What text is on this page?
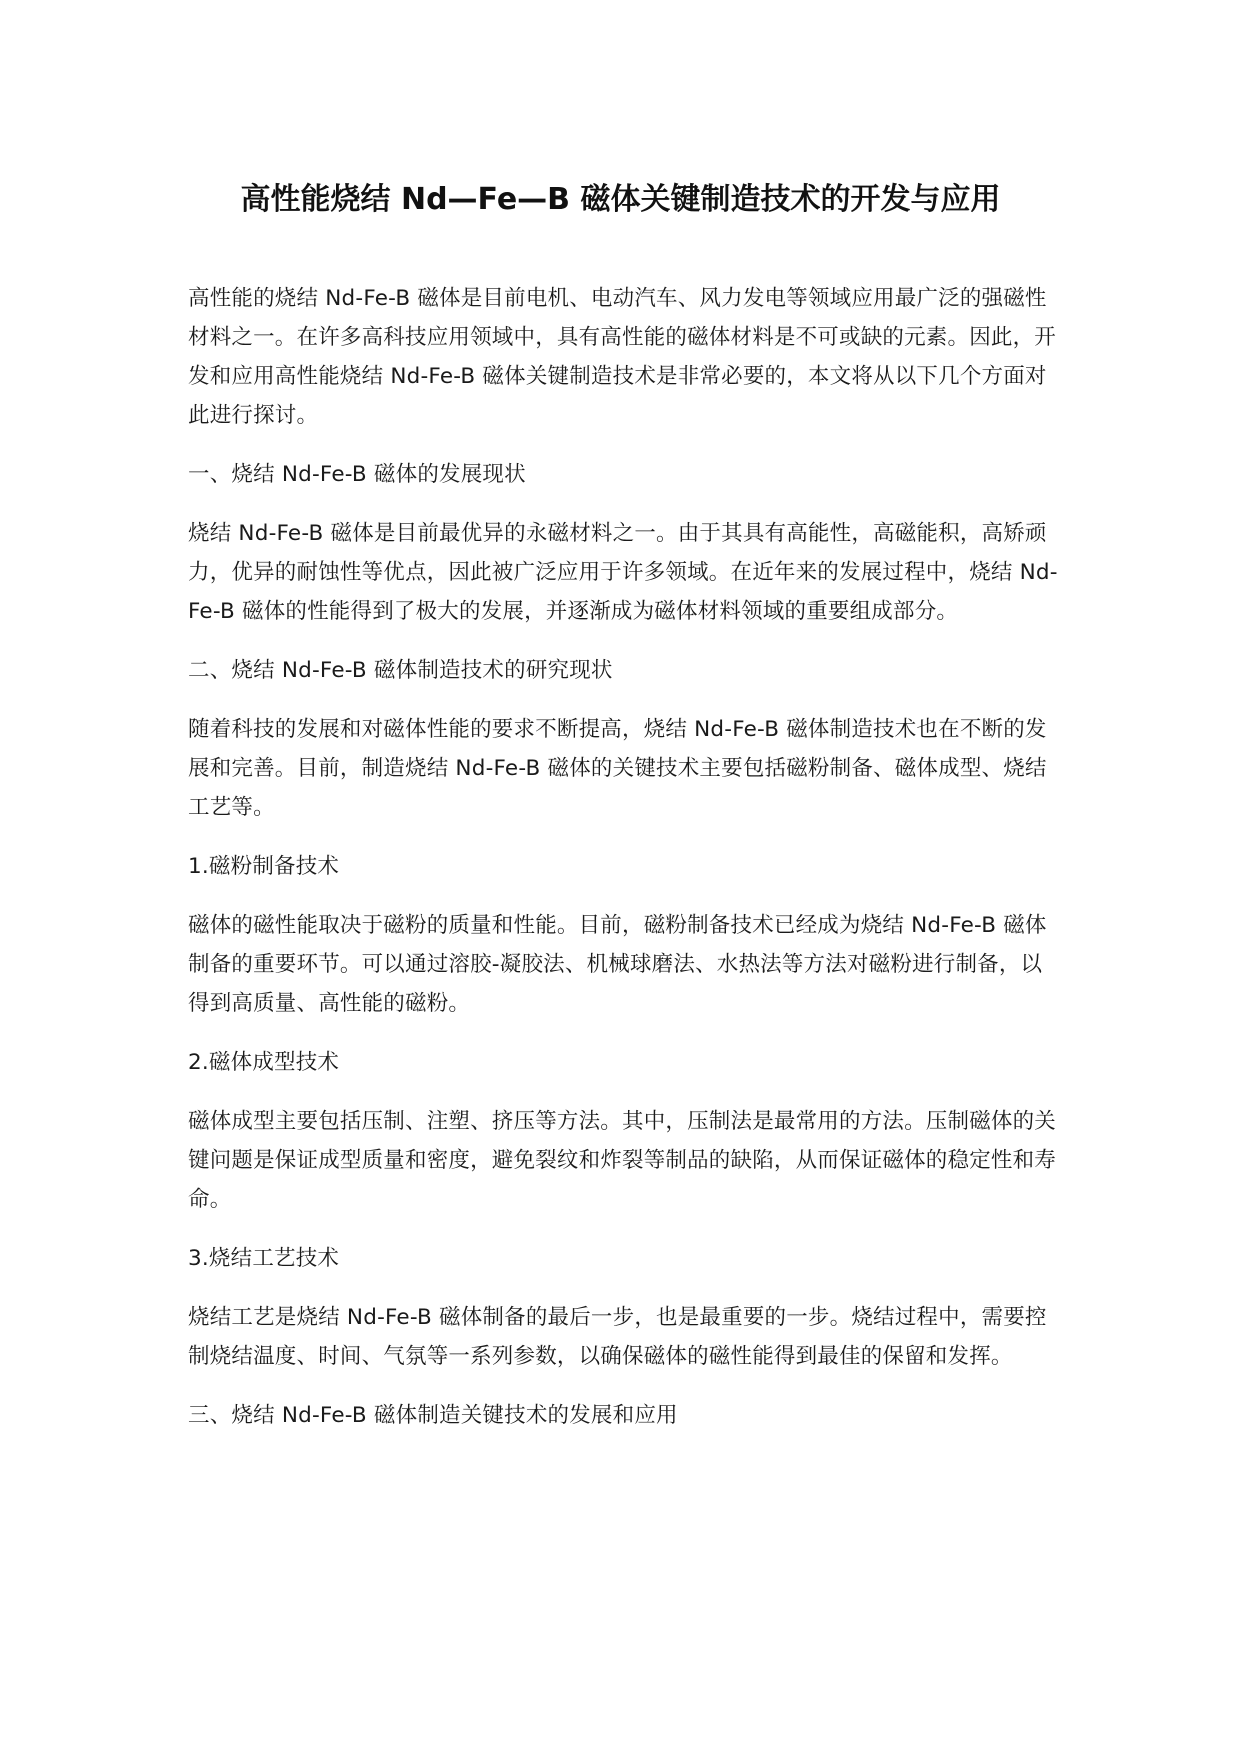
高性能烧结 Nd—Fe—B 磁体关键制造技术的开发与应用

高性能的烧结 Nd-Fe-B 磁体是目前电机、电动汽车、风力发电等领域应用最广泛的强磁性材料之一。在许多高科技应用领域中，具有高性能的磁体材料是不可或缺的元素。因此，开发和应用高性能烧结 Nd-Fe-B 磁体关键制造技术是非常必要的，本文将从以下几个方面对此进行探讨。

一、烧结 Nd-Fe-B 磁体的发展现状

烧结 Nd-Fe-B 磁体是目前最优异的永磁材料之一。由于其具有高能性，高磁能积，高矫顽力，优异的耐蚀性等优点，因此被广泛应用于许多领域。在近年来的发展过程中，烧结 Nd-Fe-B 磁体的性能得到了极大的发展，并逐渐成为磁体材料领域的重要组成部分。

二、烧结 Nd-Fe-B 磁体制造技术的研究现状

随着科技的发展和对磁体性能的要求不断提高，烧结 Nd-Fe-B 磁体制造技术也在不断的发展和完善。目前，制造烧结 Nd-Fe-B 磁体的关键技术主要包括磁粉制备、磁体成型、烧结工艺等。

1.磁粉制备技术

磁体的磁性能取决于磁粉的质量和性能。目前，磁粉制备技术已经成为烧结 Nd-Fe-B 磁体制备的重要环节。可以通过溶胶-凝胶法、机械球磨法、水热法等方法对磁粉进行制备，以得到高质量、高性能的磁粉。

2.磁体成型技术

磁体成型主要包括压制、注塑、挤压等方法。其中，压制法是最常用的方法。压制磁体的关键问题是保证成型质量和密度，避免裂纹和炸裂等制品的缺陷，从而保证磁体的稳定性和寿命。

3.烧结工艺技术

烧结工艺是烧结 Nd-Fe-B 磁体制备的最后一步，也是最重要的一步。烧结过程中，需要控制烧结温度、时间、气氛等一系列参数，以确保磁体的磁性能得到最佳的保留和发挥。

三、烧结 Nd-Fe-B 磁体制造关键技术的发展和应用
